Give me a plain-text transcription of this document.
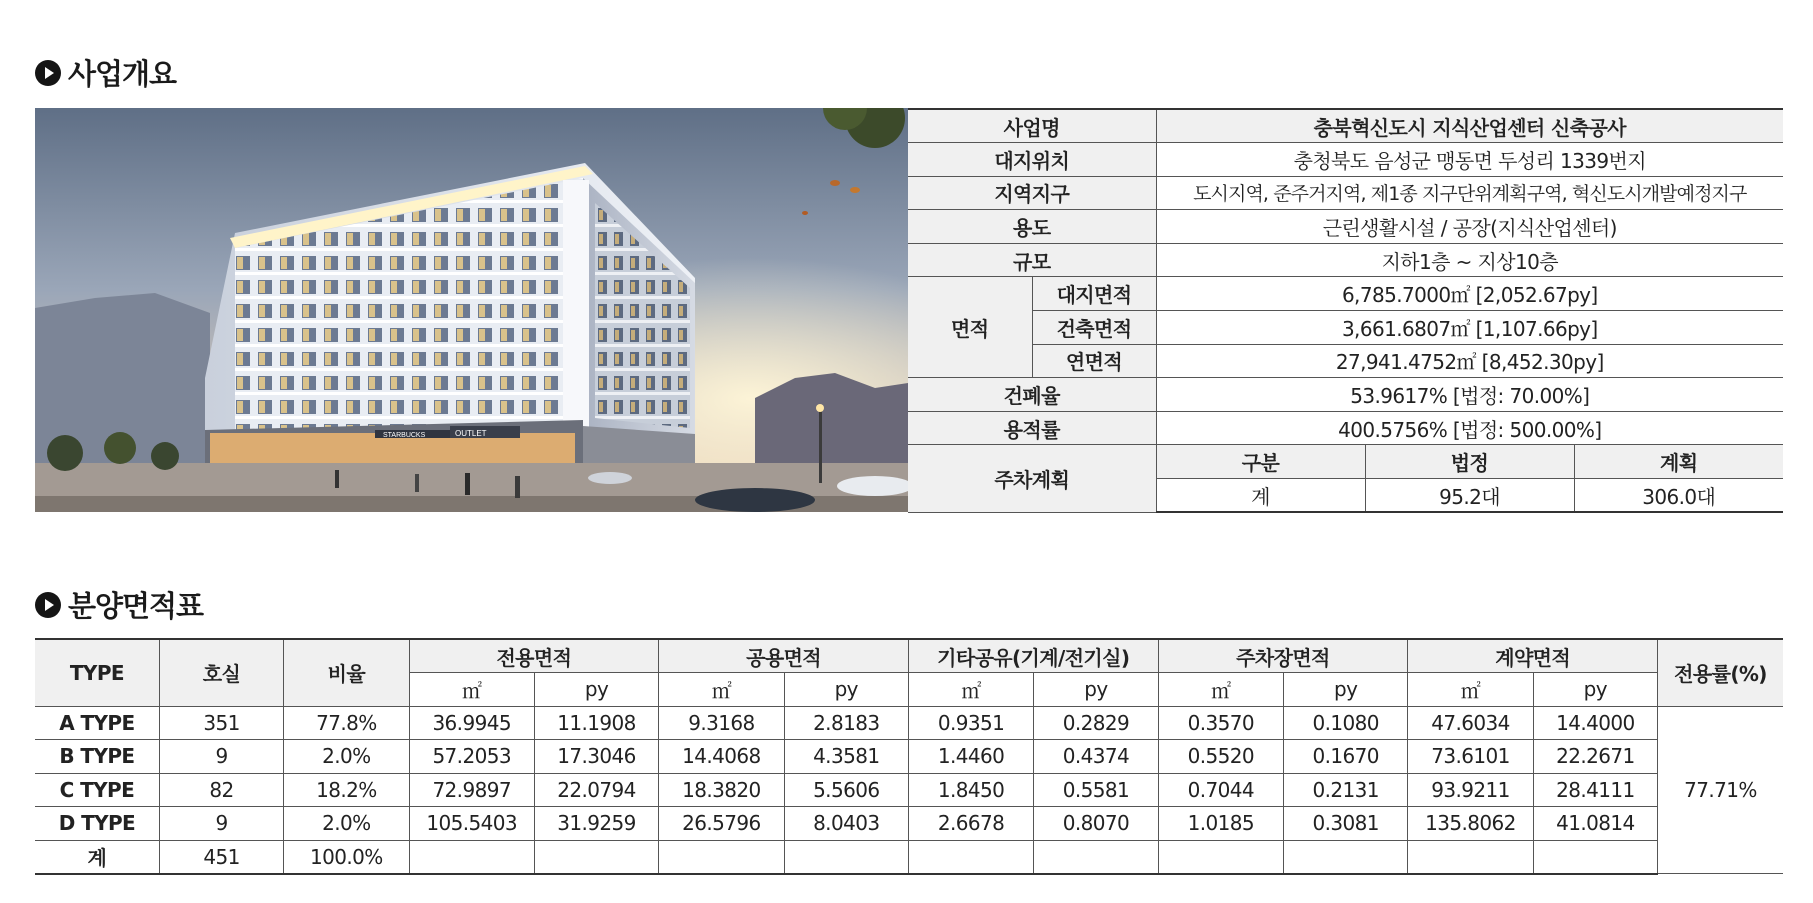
사업개요
STARBUCKS	OUTLET
사업명		충북혁신도시 지식산업센터 신축공사		
대지위치		충청북도 음성군 맹동면 두성리 1339번지		
지역지구		도시지역, 준주거지역, 제1종 지구단위계획구역, 혁신도시개발예정지구		
용도		근린생활시설 / 공장(지식산업센터)		
규모		지하1층 ~ 지상10층		
면적	대지면적	6,785.7000㎡ [2,052.67py]		
	건축면적	3,661.6807㎡ [1,107.66py]		
	연면적	27,941.4752㎡ [8,452.30py]		
건폐율		53.9617% [법정: 70.00%]		
용적률		400.5756% [법정: 500.00%]		
주차계획		구분	법정	계획
		계	95.2대	306.0대
분양면적표
TYPE	호실	비율	전용면적		공용면적		기타공유(기계/전기실)		주차장면적		계약면적		전용률(%)
			㎡	py	㎡	py	㎡	py	㎡	py	㎡	py	
A TYPE	351	77.8%	36.9945	11.1908	9.3168	2.8183	0.9351	0.2829	0.3570	0.1080	47.6034	14.4000	77.71%
B TYPE	9	2.0%	57.2053	17.3046	14.4068	4.3581	1.4460	0.4374	0.5520	0.1670	73.6101	22.2671	
C TYPE	82	18.2%	72.9897	22.0794	18.3820	5.5606	1.8450	0.5581	0.7044	0.2131	93.9211	28.4111	
D TYPE	9	2.0%	105.5403	31.9259	26.5796	8.0403	2.6678	0.8070	1.0185	0.3081	135.8062	41.0814	
계	451	100.0%											
